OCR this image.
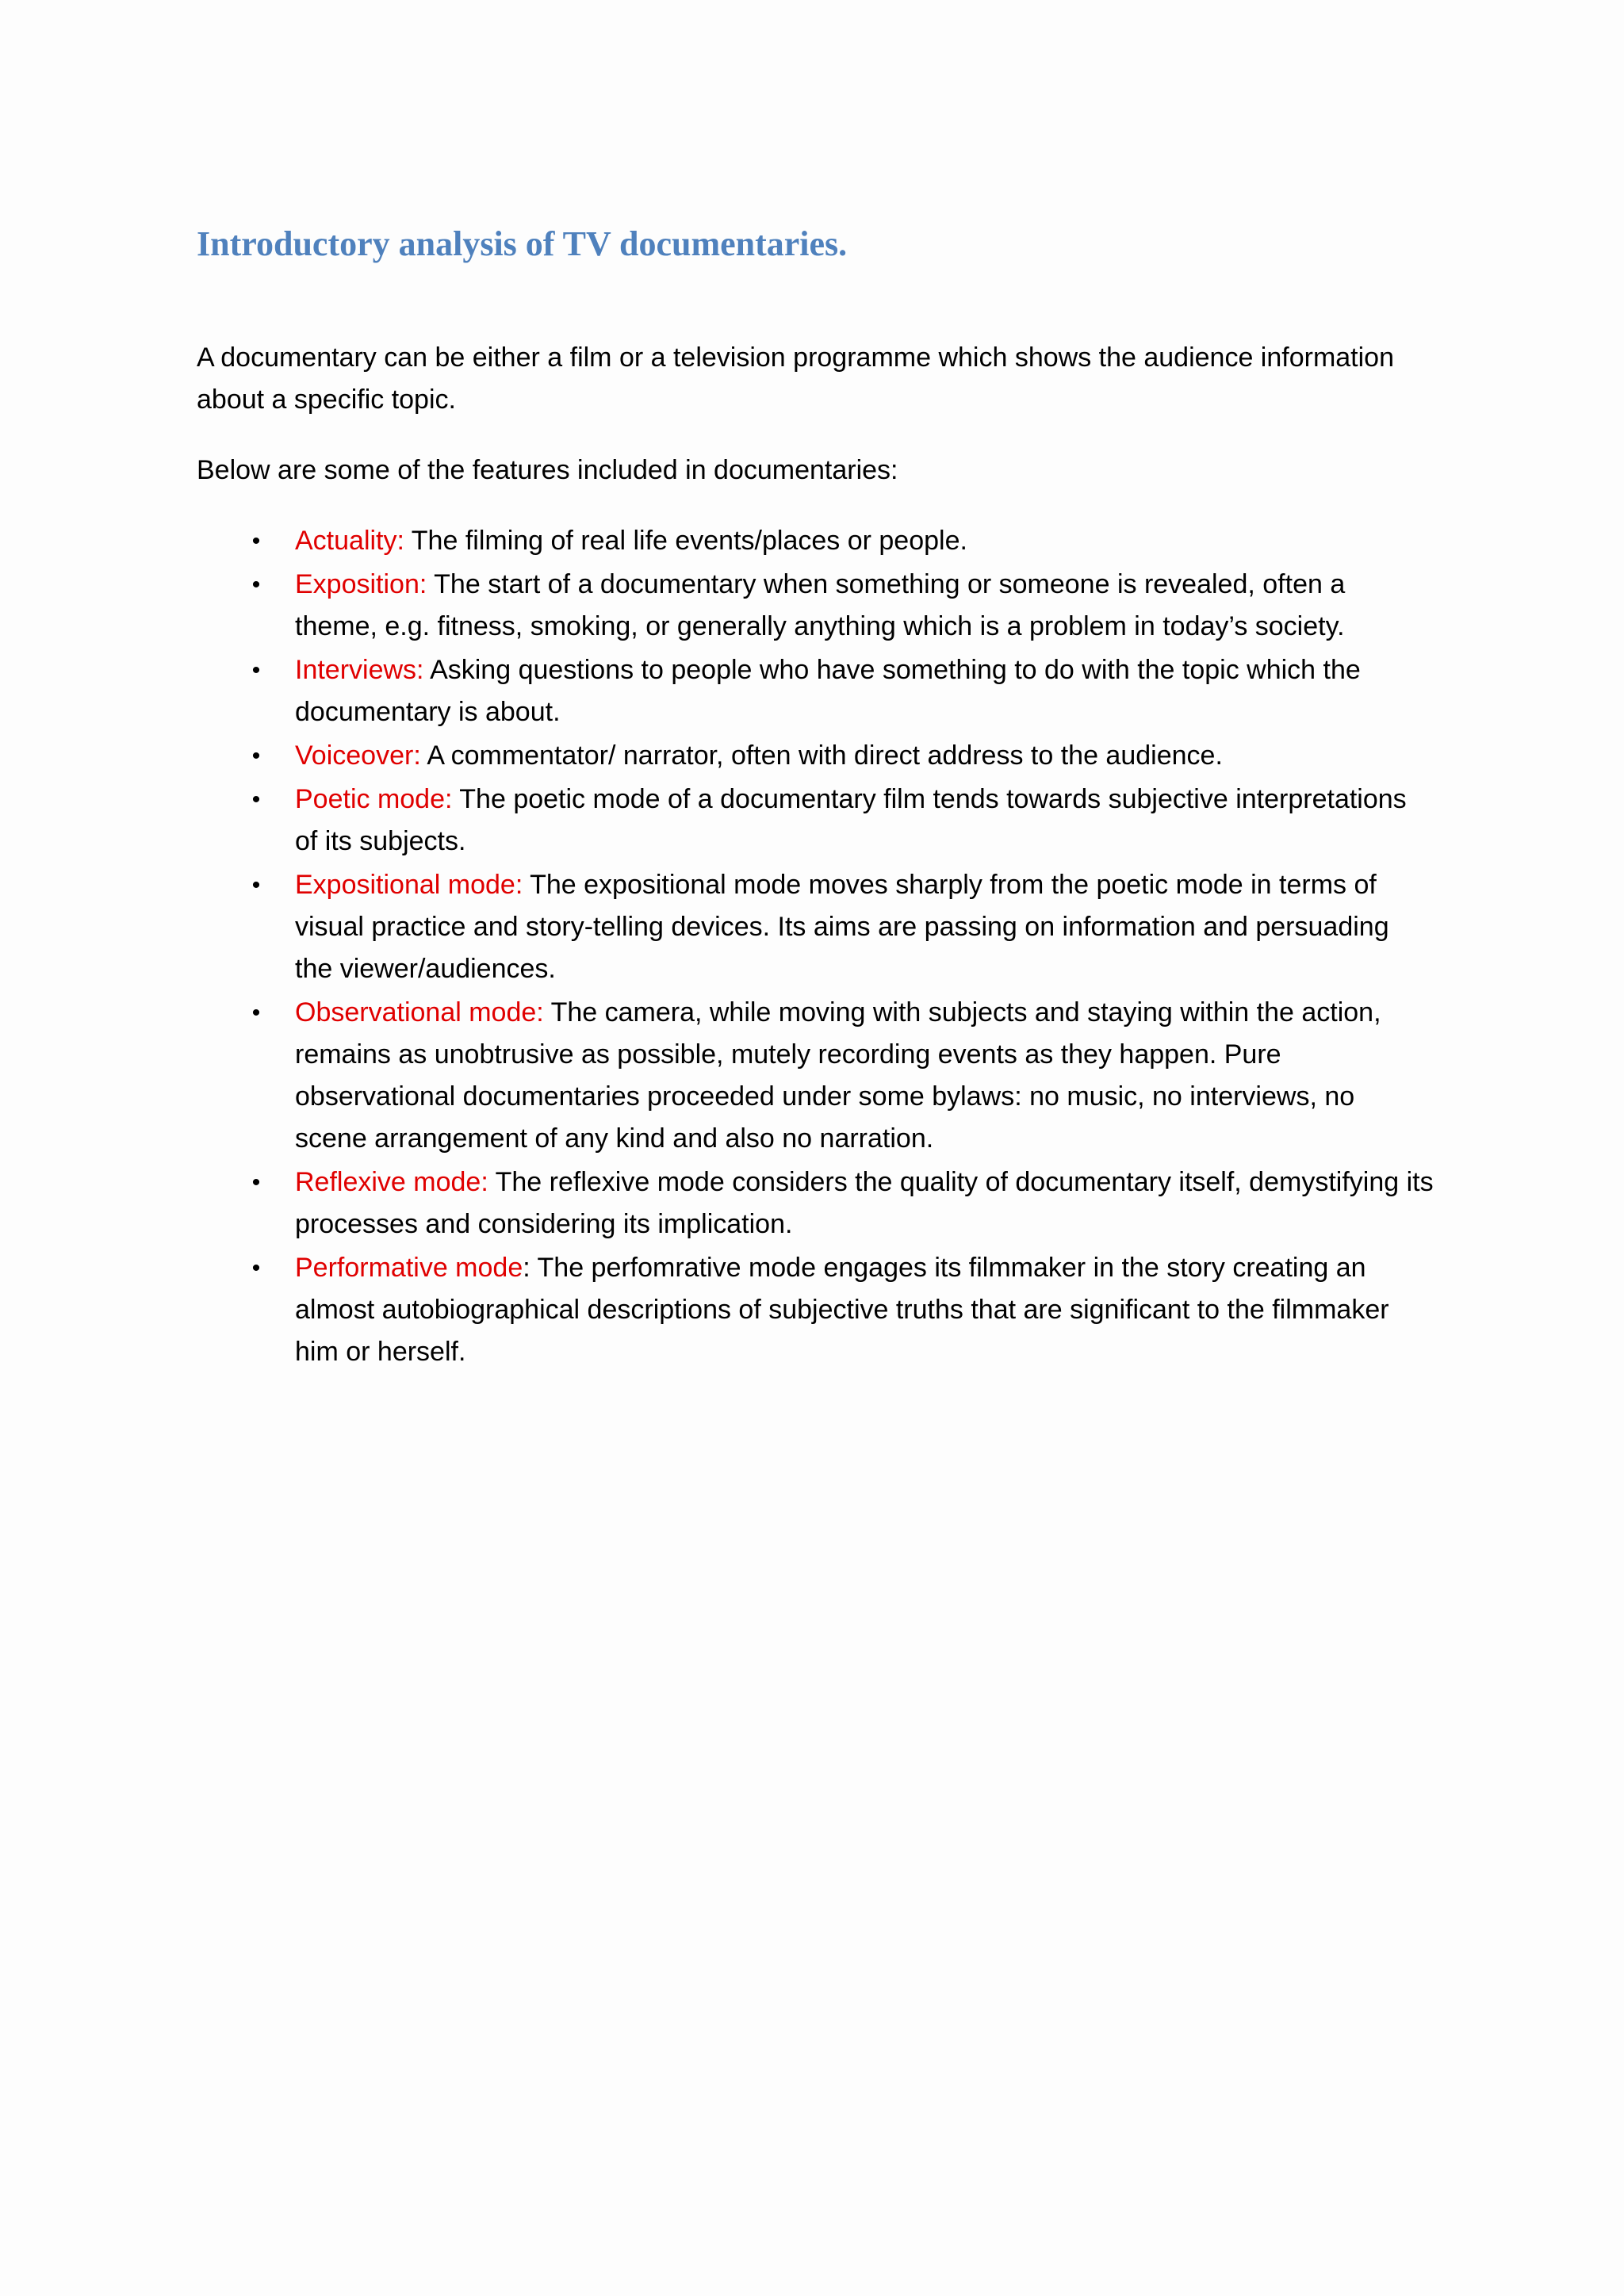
Introductory analysis of TV documentaries.

A documentary can be either a film or a television programme which shows the audience information about a specific topic.

Below are some of the features included in documentaries:

• Actuality: The filming of real life events/places or people.
• Exposition: The start of a documentary when something or someone is revealed, often a theme, e.g. fitness, smoking, or generally anything which is a problem in today’s society.
• Interviews: Asking questions to people who have something to do with the topic which the documentary is about.
• Voiceover: A commentator/ narrator, often with direct address to the audience.
• Poetic mode: The poetic mode of a documentary film tends towards subjective interpretations of its subjects.
• Expositional mode: The expositional mode moves sharply from the poetic mode in terms of visual practice and story-telling devices. Its aims are passing on information and persuading the viewer/audiences.
• Observational mode: The camera, while moving with subjects and staying within the action, remains as unobtrusive as possible, mutely recording events as they happen. Pure observational documentaries proceeded under some bylaws: no music, no interviews, no scene arrangement of any kind and also no narration.
• Reflexive mode: The reflexive mode considers the quality of documentary itself, demystifying its processes and considering its implication.
• Performative mode: The perfomrative mode engages its filmmaker in the story creating an almost autobiographical descriptions of subjective truths that are significant to the filmmaker him or herself.
